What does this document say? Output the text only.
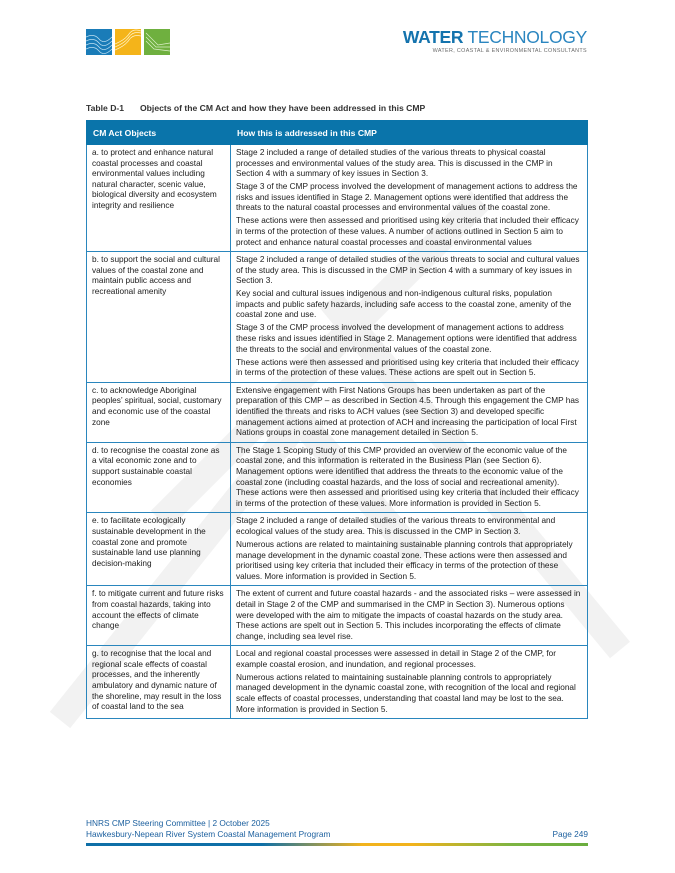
WATER TECHNOLOGY
WATER, COASTAL & ENVIRONMENTAL CONSULTANTS
Table D-1 Objects of the CM Act and how they have been addressed in this CMP
CM Act Objects	How this is addressed in this CMP
a. to protect and enhance natural coastal processes and coastal environmental values including natural character, scenic value, biological diversity and ecosystem integrity and resilience	Stage 2 included a range of detailed studies of the various threats to physical coastal processes and environmental values of the study area. This is discussed in the CMP in Section 4 with a summary of key issues in Section 3.

Stage 3 of the CMP process involved the development of management actions to address the risks and issues identified in Stage 2. Management options were identified that address the threats to the natural coastal processes and environmental values of the coastal zone.

These actions were then assessed and prioritised using key criteria that included their efficacy in terms of the protection of these values. A number of actions outlined in Section 5 aim to protect and enhance natural coastal processes and coastal environmental values

b. to support the social and cultural values of the coastal zone and maintain public access and recreational amenity	Stage 2 included a range of detailed studies of the various threats to social and cultural values of the study area. This is discussed in the CMP in Section 4 with a summary of key issues in Section 3.

Key social and cultural issues indigenous and non-indigenous cultural risks, population impacts and public safety hazards, including safe access to the coastal zone, amenity of the coastal zone and use.

Stage 3 of the CMP process involved the development of management actions to address these risks and issues identified in Stage 2. Management options were identified that address the threats to the social and environmental values of the coastal zone.

These actions were then assessed and prioritised using key criteria that included their efficacy in terms of the protection of these values. These actions are spelt out in Section 5.

c. to acknowledge Aboriginal peoples’ spiritual, social, customary and economic use of the coastal zone	Extensive engagement with First Nations Groups has been undertaken as part of the preparation of this CMP – as described in Section 4.5. Through this engagement the CMP has identified the threats and risks to ACH values (see Section 3) and developed specific management actions aimed at protection of ACH and increasing the participation of local First Nations groups in coastal zone management detailed in Section 5.

d. to recognise the coastal zone as a vital economic zone and to support sustainable coastal economies	The Stage 1 Scoping Study of this CMP provided an overview of the economic value of the coastal zone, and this information is reiterated in the Business Plan (see Section 6). Management options were identified that address the threats to the economic value of the coastal zone (including coastal hazards, and the loss of social and recreational amenity). These actions were then assessed and prioritised using key criteria that included their efficacy in terms of the protection of these values. More information is provided in Section 5.

e. to facilitate ecologically sustainable development in the coastal zone and promote sustainable land use planning decision-making	Stage 2 included a range of detailed studies of the various threats to environmental and ecological values of the study area. This is discussed in the CMP in Section 3.

Numerous actions are related to maintaining sustainable planning controls that appropriately manage development in the dynamic coastal zone. These actions were then assessed and prioritised using key criteria that included their efficacy in terms of the protection of these values. More information is provided in Section 5.

f. to mitigate current and future risks from coastal hazards, taking into account the effects of climate change	The extent of current and future coastal hazards - and the associated risks – were assessed in detail in Stage 2 of the CMP and summarised in the CMP in Section 3). Numerous options were developed with the aim to mitigate the impacts of coastal hazards on the study area. These actions are spelt out in Section 5. This includes incorporating the effects of climate change, including sea level rise.

g. to recognise that the local and regional scale effects of coastal processes, and the inherently ambulatory and dynamic nature of the shoreline, may result in the loss of coastal land to the sea	Local and regional coastal processes were assessed in detail in Stage 2 of the CMP, for example coastal erosion, and inundation, and regional processes.

Numerous actions related to maintaining sustainable planning controls to appropriately managed development in the dynamic coastal zone, with recognition of the local and regional scale effects of coastal processes, understanding that coastal land may be lost to the sea. More information is provided in Section 5.

HNRS CMP Steering Committee | 2 October 2025
Hawkesbury-Nepean River System Coastal Management Program	Page 249
